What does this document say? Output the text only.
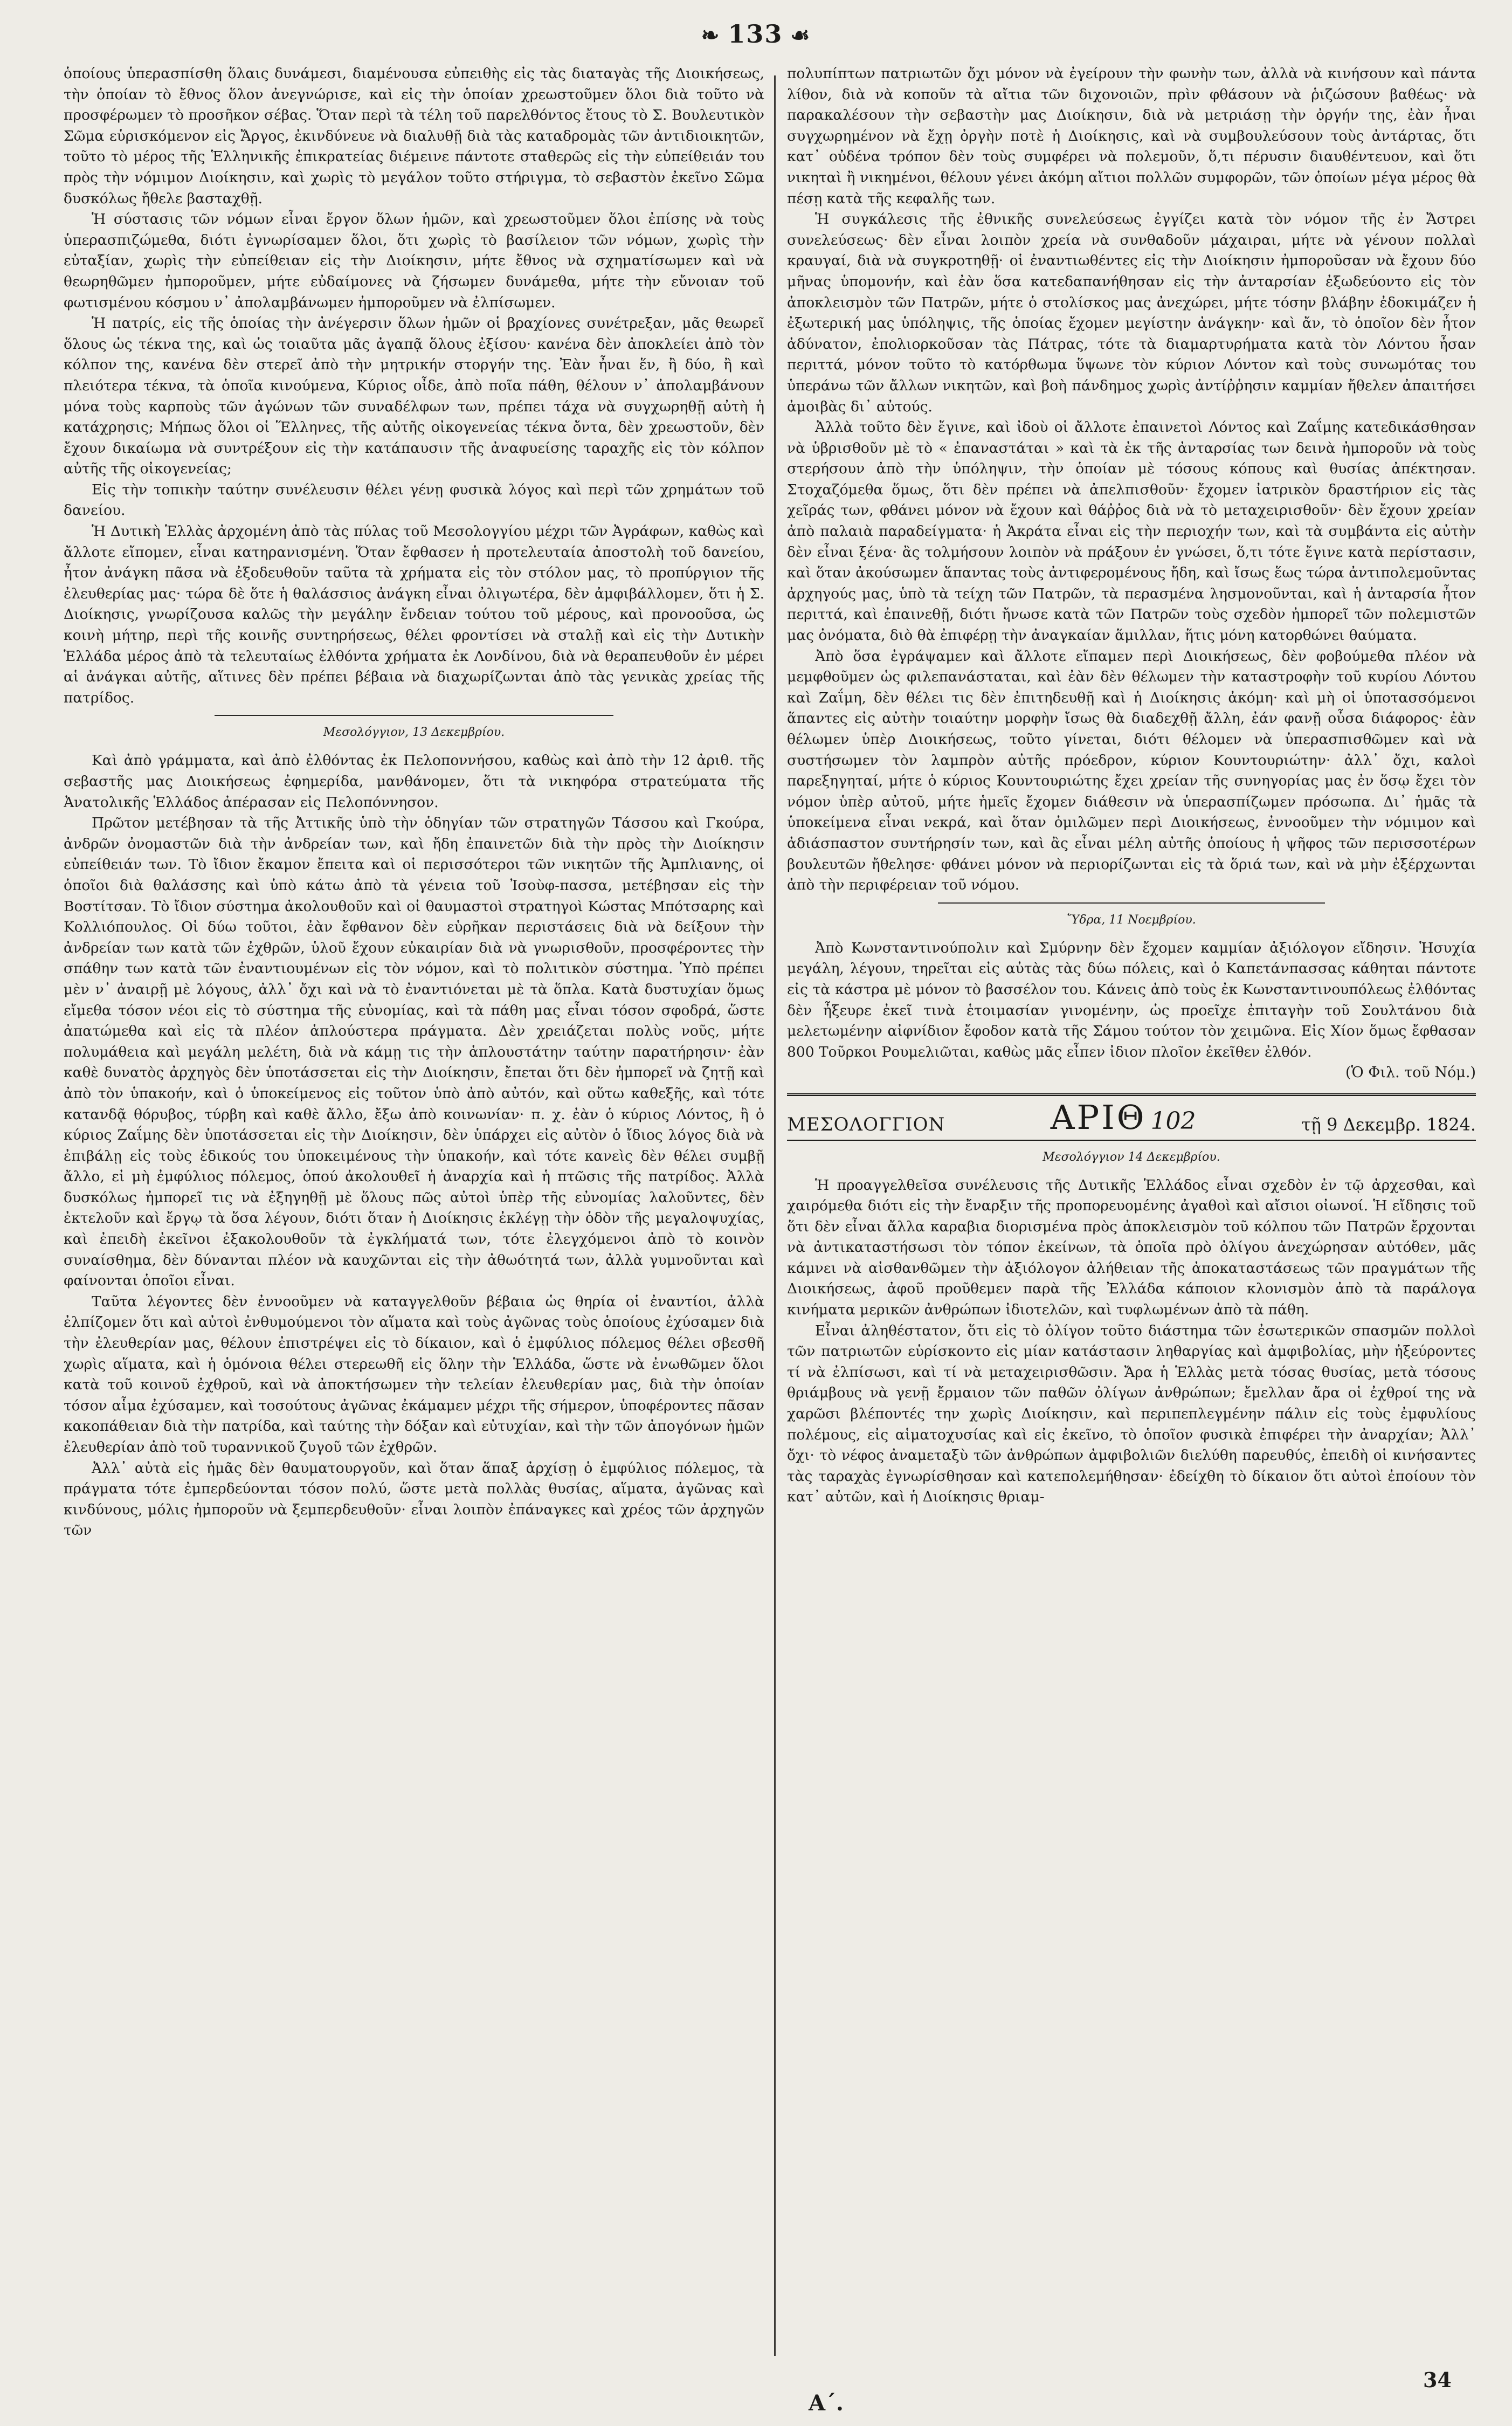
❧ 133 ☙

ὁποίους ὑπερασπίσθη ὅλαις δυνάμεσι, διαμένουσα εὐπειθὴς εἰς τὰς διαταγὰς τῆς Διοικήσεως, τὴν ὁποίαν τὸ ἔθνος ὅλον ἀνεγνώρισε, καὶ εἰς τὴν ὁποίαν χρεωστοῦμεν ὅλοι διὰ τοῦτο νὰ προσφέρωμεν τὸ προσῆκον σέβας. Ὅταν περὶ τὰ τέλη τοῦ παρελθόντος ἔτους τὸ Σ. Βουλευτικὸν Σῶμα εὑρισκόμενον εἰς Ἄργος, ἐκινδύνευε νὰ διαλυθῇ διὰ τὰς καταδρομὰς τῶν ἀντιδιοικητῶν, τοῦτο τὸ μέρος τῆς Ἑλληνικῆς ἐπικρατείας διέμεινε πάντοτε σταθερῶς εἰς τὴν εὐπείθειάν του πρὸς τὴν νόμιμον Διοίκησιν, καὶ χωρὶς τὸ μεγάλον τοῦτο στήριγμα, τὸ σεβαστὸν ἐκεῖνο Σῶμα δυσκόλως ἤθελε βασταχθῇ.

Ἡ σύστασις τῶν νόμων εἶναι ἔργον ὅλων ἡμῶν, καὶ χρεωστοῦμεν ὅλοι ἐπίσης νὰ τοὺς ὑπερασπιζώμεθα, διότι ἐγνωρίσαμεν ὅλοι, ὅτι χωρὶς τὸ βασίλειον τῶν νόμων, χωρὶς τὴν εὐταξίαν, χωρὶς τὴν εὐπείθειαν εἰς τὴν Διοίκησιν, μήτε ἔθνος νὰ σχηματίσωμεν καὶ νὰ θεωρηθῶμεν ἠμποροῦμεν, μήτε εὐδαίμονες νὰ ζήσωμεν δυνάμεθα, μήτε τὴν εὔνοιαν τοῦ φωτισμένου κόσμου ν᾽ ἀπολαμβάνωμεν ἠμποροῦμεν νὰ ἐλπίσωμεν.

Ἡ πατρίς, εἰς τῆς ὁποίας τὴν ἀνέγερσιν ὅλων ἡμῶν οἱ βραχίονες συνέτρεξαν, μᾶς θεωρεῖ ὅλους ὡς τέκνα της, καὶ ὡς τοιαῦτα μᾶς ἀγαπᾷ ὅλους ἐξίσου· κανένα δὲν ἀποκλείει ἀπὸ τὸν κόλπον της, κανένα δὲν στερεῖ ἀπὸ τὴν μητρικήν στοργήν της. Ἐὰν ἦναι ἕν, ἢ δύο, ἢ καὶ πλειότερα τέκνα, τὰ ὁποῖα κινούμενα, Κύριος οἶδε, ἀπὸ ποῖα πάθη, θέλουν ν᾽ ἀπολαμβάνουν μόνα τοὺς καρποὺς τῶν ἀγώνων τῶν συναδέλφων των, πρέπει τάχα νὰ συγχωρηθῇ αὐτὴ ἡ κατάχρησις; Μήπως ὅλοι οἱ Ἕλληνες, τῆς αὐτῆς οἰκογενείας τέκνα ὄντα, δὲν χρεωστοῦν, δὲν ἔχουν δικαίωμα νὰ συντρέξουν εἰς τὴν κατάπαυσιν τῆς ἀναφυείσης ταραχῆς εἰς τὸν κόλπον αὐτῆς τῆς οἰκογενείας;

Εἰς τὴν τοπικὴν ταύτην συνέλευσιν θέλει γένῃ φυσικὰ λόγος καὶ περὶ τῶν χρημάτων τοῦ δανείου.

Ἡ Δυτικὴ Ἑλλὰς ἀρχομένη ἀπὸ τὰς πύλας τοῦ Μεσολογγίου μέχρι τῶν Ἀγράφων, καθὼς καὶ ἄλλοτε εἴπομεν, εἶναι κατηρανισμένη. Ὅταν ἔφθασεν ἡ προτελευταία ἀποστολὴ τοῦ δανείου, ἦτον ἀνάγκη πᾶσα νὰ ἐξοδευθοῦν ταῦτα τὰ χρήματα εἰς τὸν στόλον μας, τὸ προπύργιον τῆς ἐλευθερίας μας· τώρα δὲ ὅτε ἡ θαλάσσιος ἀνάγκη εἶναι ὀλιγωτέρα, δὲν ἀμφιβάλλομεν, ὅτι ἡ Σ. Διοίκησις, γνωρίζουσα καλῶς τὴν μεγάλην ἔνδειαν τούτου τοῦ μέρους, καὶ προνοοῦσα, ὡς κοινὴ μήτηρ, περὶ τῆς κοινῆς συντηρήσεως, θέλει φροντίσει νὰ σταλῇ καὶ εἰς τὴν Δυτικὴν Ἑλλάδα μέρος ἀπὸ τὰ τελευταίως ἐλθόντα χρήματα ἐκ Λονδίνου, διὰ νὰ θεραπευθοῦν ἐν μέρει αἱ ἀνάγκαι αὐτῆς, αἵτινες δὲν πρέπει βέβαια νὰ διαχωρίζωνται ἀπὸ τὰς γενικὰς χρείας τῆς πατρίδος.

Μεσολόγγιον, 13 Δεκεμβρίου.

Καὶ ἀπὸ γράμματα, καὶ ἀπὸ ἐλθόντας ἐκ Πελοποννήσου, καθὼς καὶ ἀπὸ τὴν 12 ἀριθ. τῆς σεβαστῆς μας Διοικήσεως ἐφημερίδα, μανθάνομεν, ὅτι τὰ νικηφόρα στρατεύματα τῆς Ἀνατολικῆς Ἑλλάδος ἀπέρασαν εἰς Πελοπόννησον.

Πρῶτον μετέβησαν τὰ τῆς Ἀττικῆς ὑπὸ τὴν ὁδηγίαν τῶν στρατηγῶν Τάσσου καὶ Γκούρα, ἀνδρῶν ὀνομαστῶν διὰ τὴν ἀνδρείαν των, καὶ ἤδη ἐπαινετῶν διὰ τὴν πρὸς τὴν Διοίκησιν εὐπείθειάν των. Τὸ ἴδιον ἔκαμον ἔπειτα καὶ οἱ περισσότεροι τῶν νικητῶν τῆς Ἀμπλιανης, οἱ ὁποῖοι διὰ θαλάσσης καὶ ὑπὸ κάτω ἀπὸ τὰ γένεια τοῦ Ἰσοὺφ-πασσα, μετέβησαν εἰς τὴν Βοστίτσαν. Τὸ ἴδιον σύστημα ἀκολουθοῦν καὶ οἱ θαυμαστοὶ στρατηγοὶ Κώστας Μπότσαρης καὶ Κολλιόπουλος. Οἱ δύω τοῦτοι, ἐὰν ἔφθανον δὲν εὑρῆκαν περιστάσεις διὰ νὰ δείξουν τὴν ἀνδρείαν των κατὰ τῶν ἐχθρῶν, ὑλοῦ ἔχουν εὐκαιρίαν διὰ νὰ γνωρισθοῦν, προσφέροντες τὴν σπάθην των κατὰ τῶν ἐναντιουμένων εἰς τὸν νόμον, καὶ τὸ πολιτικὸν σύστημα. Ὑπὸ πρέπει μὲν ν᾽ ἀναιρῇ μὲ λόγους, ἀλλ᾽ ὄχι καὶ νὰ τὸ ἐναντιόνεται μὲ τὰ ὅπλα. Κατὰ δυστυχίαν ὅμως εἴμεθα τόσον νέοι εἰς τὸ σύστημα τῆς εὐνομίας, καὶ τὰ πάθη μας εἶναι τόσον σφοδρά, ὥστε ἀπατώμεθα καὶ εἰς τὰ πλέον ἁπλούστερα πράγματα. Δὲν χρειάζεται πολὺς νοῦς, μήτε πολυμάθεια καὶ μεγάλη μελέτη, διὰ νὰ κάμῃ τις τὴν ἁπλουστάτην ταύτην παρατήρησιν· ἐὰν καθὲ δυνατὸς ἀρχηγὸς δὲν ὑποτάσσεται εἰς τὴν Διοίκησιν, ἔπεται ὅτι δὲν ἠμπορεῖ νὰ ζητῇ καὶ ἀπὸ τὸν ὑπακοήν, καὶ ὁ ὑποκείμενος εἰς τοῦτον ὑπὸ ἀπὸ αὐτόν, καὶ οὕτω καθεξῆς, καὶ τότε κατανδᾷ θόρυβος, τύρβη καὶ καθὲ ἄλλο, ἔξω ἀπὸ κοινωνίαν· π. χ. ἐὰν ὁ κύριος Λόντος, ἢ ὁ κύριος Ζαΐμης δὲν ὑποτάσσεται εἰς τὴν Διοίκησιν, δὲν ὑπάρχει εἰς αὐτὸν ὁ ἴδιος λόγος διὰ νὰ ἐπιβάλῃ εἰς τοὺς ἐδικούς του ὑποκειμένους τὴν ὑπακοήν, καὶ τότε κανεὶς δὲν θέλει συμβῇ ἄλλο, εἰ μὴ ἐμφύλιος πόλεμος, ὁπού ἀκολουθεῖ ἡ ἀναρχία καὶ ἡ πτῶσις τῆς πατρίδος. Ἀλλὰ δυσκόλως ἠμπορεῖ τις νὰ ἐξηγηθῇ μὲ ὅλους πῶς αὐτοὶ ὑπὲρ τῆς εὐνομίας λαλοῦντες, δὲν ἐκτελοῦν καὶ ἔργῳ τὰ ὅσα λέγουν, διότι ὅταν ἡ Διοίκησις ἐκλέγῃ τὴν ὁδὸν τῆς μεγαλοψυχίας, καὶ ἐπειδὴ ἐκεῖνοι ἐξακολουθοῦν τὰ ἐγκλήματά των, τότε ἐλεγχόμενοι ἀπὸ τὸ κοινὸν συναίσθημα, δὲν δύνανται πλέον νὰ καυχῶνται εἰς τὴν ἀθωότητά των, ἀλλὰ γυμνοῦνται καὶ φαίνονται ὁποῖοι εἶναι.

Ταῦτα λέγοντες δὲν ἐννοοῦμεν νὰ καταγγελθοῦν βέβαια ὡς θηρία οἱ ἐναντίοι, ἀλλὰ ἐλπίζομεν ὅτι καὶ αὐτοὶ ἐνθυμούμενοι τὸν αἵματα καὶ τοὺς ἀγῶνας τοὺς ὁποίους ἐχύσαμεν διὰ τὴν ἐλευθερίαν μας, θέλουν ἐπιστρέψει εἰς τὸ δίκαιον, καὶ ὁ ἐμφύλιος πόλεμος θέλει σβεσθῆ χωρὶς αἵματα, καὶ ἡ ὁμόνοια θέλει στερεωθῆ εἰς ὅλην τὴν Ἑλλάδα, ὥστε νὰ ἐνωθῶμεν ὅλοι κατὰ τοῦ κοινοῦ ἐχθροῦ, καὶ νὰ ἀποκτήσωμεν τὴν τελείαν ἐλευθερίαν μας, διὰ τὴν ὁποίαν τόσον αἷμα ἐχύσαμεν, καὶ τοσούτους ἀγῶνας ἐκάμαμεν μέχρι τῆς σήμερον, ὑποφέροντες πᾶσαν κακοπάθειαν διὰ τὴν πατρίδα, καὶ ταύτης τὴν δόξαν καὶ εὐτυχίαν, καὶ τὴν τῶν ἀπογόνων ἡμῶν ἐλευθερίαν ἀπὸ τοῦ τυραννικοῦ ζυγοῦ τῶν ἐχθρῶν.

Ἀλλ᾽ αὐτὰ εἰς ἡμᾶς δὲν θαυματουργοῦν, καὶ ὅταν ἅπαξ ἀρχίσῃ ὁ ἐμφύλιος πόλεμος, τὰ πράγματα τότε ἐμπερδεύονται τόσον πολύ, ὥστε μετὰ πολλὰς θυσίας, αἵματα, ἀγῶνας καὶ κινδύνους, μόλις ἠμποροῦν νὰ ξεμπερδευθοῦν· εἶναι λοιπὸν ἐπάναγκες καὶ χρέος τῶν ἀρχηγῶν τῶν

πολυπίπτων πατριωτῶν ὄχι μόνον νὰ ἐγείρουν τὴν φωνὴν των, ἀλλὰ νὰ κινήσουν καὶ πάντα λίθον, διὰ νὰ κοποῦν τὰ αἴτια τῶν διχονοιῶν, πρὶν φθάσουν νὰ ῥιζώσουν βαθέως· νὰ παρακαλέσουν τὴν σεβαστὴν μας Διοίκησιν, διὰ νὰ μετριάσῃ τὴν ὀργήν της, ἐὰν ἦναι συγχωρημένον νὰ ἔχῃ ὀργὴν ποτὲ ἡ Διοίκησις, καὶ νὰ συμβουλεύσουν τοὺς ἀντάρτας, ὅτι κατ᾽ οὐδένα τρόπον δὲν τοὺς συμφέρει νὰ πολεμοῦν, ὅ,τι πέρυσιν διαυθέντευον, καὶ ὅτι νικηταὶ ἢ νικημένοι, θέλουν γένει ἀκόμη αἴτιοι πολλῶν συμφορῶν, τῶν ὁποίων μέγα μέρος θὰ πέσῃ κατὰ τῆς κεφαλῆς των.

Ἡ συγκάλεσις τῆς ἐθνικῆς συνελεύσεως ἐγγίζει κατὰ τὸν νόμον τῆς ἐν Ἄστρει συνελεύσεως· δὲν εἶναι λοιπὸν χρεία νὰ συνθαδοῦν μάχαιραι, μήτε νὰ γένουν πολλαὶ κραυγαί, διὰ νὰ συγκροτηθῇ· οἱ ἐναντιωθέντες εἰς τὴν Διοίκησιν ἠμποροῦσαν νὰ ἔχουν δύο μῆνας ὑπομονήν, καὶ ἐὰν ὅσα κατεδαπανήθησαν εἰς τὴν ἀνταρσίαν ἐξωδεύοντο εἰς τὸν ἀποκλεισμὸν τῶν Πατρῶν, μήτε ὁ στολίσκος μας ἀνεχώρει, μήτε τόσην βλάβην ἐδοκιμάζεν ἡ ἐξωτερική μας ὑπόληψις, τῆς ὁποίας ἔχομεν μεγίστην ἀνάγκην· καὶ ἄν, τὸ ὁποῖον δὲν ἦτον ἀδύνατον, ἐπολιορκοῦσαν τὰς Πάτρας, τότε τὰ διαμαρτυρήματα κατὰ τὸν Λόντου ἦσαν περιττά, μόνον τοῦτο τὸ κατόρθωμα ὕψωνε τὸν κύριον Λόντον καὶ τοὺς συνωμότας του ὑπεράνω τῶν ἄλλων νικητῶν, καὶ βοὴ πάνδημος χωρὶς ἀντίῤῥησιν καμμίαν ἤθελεν ἀπαιτήσει ἀμοιβὰς δι᾽ αὐτούς.

Ἀλλὰ τοῦτο δὲν ἔγινε, καὶ ἰδοὺ οἱ ἄλλοτε ἐπαινετοὶ Λόντος καὶ Ζαΐμης κατεδικάσθησαν νὰ ὑβρισθοῦν μὲ τὸ « ἐπαναστάται » καὶ τὰ ἐκ τῆς ἀνταρσίας των δεινὰ ἠμποροῦν νὰ τοὺς στερήσουν ἀπὸ τὴν ὑπόληψιν, τὴν ὁποίαν μὲ τόσους κόπους καὶ θυσίας ἀπέκτησαν. Στοχαζόμεθα ὅμως, ὅτι δὲν πρέπει νὰ ἀπελπισθοῦν· ἔχομεν ἰατρικὸν δραστήριον εἰς τὰς χεῖράς των, φθάνει μόνον νὰ ἔχουν καὶ θάῤῥος διὰ νὰ τὸ μεταχειρισθοῦν· δὲν ἔχουν χρείαν ἀπὸ παλαιὰ παραδείγματα· ἡ Ἀκράτα εἶναι εἰς τὴν περιοχήν των, καὶ τὰ συμβάντα εἰς αὐτὴν δὲν εἶναι ξένα· ἂς τολμήσουν λοιπὸν νὰ πράξουν ἐν γνώσει, ὅ,τι τότε ἔγινε κατὰ περίστασιν, καὶ ὅταν ἀκούσωμεν ἅπαντας τοὺς ἀντιφερομένους ἤδη, καὶ ἴσως ἕως τώρα ἀντιπολεμοῦντας ἀρχηγούς μας, ὑπὸ τὰ τείχη τῶν Πατρῶν, τὰ περασμένα λησμονοῦνται, καὶ ἡ ἀνταρσία ἦτον περιττά, καὶ ἐπαινεθῇ, διότι ἤνωσε κατὰ τῶν Πατρῶν τοὺς σχεδὸν ἠμπορεῖ τῶν πολεμιστῶν μας ὀνόματα, διὸ θὰ ἐπιφέρῃ τὴν ἀναγκαίαν ἅμιλλαν, ἥτις μόνη κατορθώνει θαύματα.

Ἀπὸ ὅσα ἐγράψαμεν καὶ ἄλλοτε εἴπαμεν περὶ Διοικήσεως, δὲν φοβούμεθα πλέον νὰ μεμφθοῦμεν ὡς φιλεπανάσταται, καὶ ἐὰν δὲν θέλωμεν τὴν καταστροφὴν τοῦ κυρίου Λόντου καὶ Ζαΐμη, δὲν θέλει τις δὲν ἐπιτηδευθῇ καὶ ἡ Διοίκησις ἀκόμη· καὶ μὴ οἱ ὑποτασσόμενοι ἅπαντες εἰς αὐτὴν τοιαύτην μορφὴν ἴσως θὰ διαδεχθῇ ἄλλη, ἐάν φανῇ οὖσα διάφορος· ἐὰν θέλωμεν ὑπὲρ Διοικήσεως, τοῦτο γίνεται, διότι θέλομεν νὰ ὑπερασπισθῶμεν καὶ νὰ συστήσωμεν τὸν λαμπρὸν αὐτῆς πρόεδρον, κύριον Κουντουριώτην· ἀλλ᾽ ὄχι, καλοὶ παρεξηγηταί, μήτε ὁ κύριος Κουντουριώτης ἔχει χρείαν τῆς συνηγορίας μας ἐν ὅσῳ ἔχει τὸν νόμον ὑπὲρ αὐτοῦ, μήτε ἡμεῖς ἔχομεν διάθεσιν νὰ ὑπερασπίζωμεν πρόσωπα. Δι᾽ ἡμᾶς τὰ ὑποκείμενα εἶναι νεκρά, καὶ ὅταν ὁμιλῶμεν περὶ Διοικήσεως, ἐννοοῦμεν τὴν νόμιμον καὶ ἀδιάσπαστον συντήρησίν των, καὶ ἂς εἶναι μέλη αὐτῆς ὁποίους ἡ ψῆφος τῶν περισσοτέρων βουλευτῶν ἤθελησε· φθάνει μόνον νὰ περιορίζωνται εἰς τὰ ὅριά των, καὶ νὰ μὴν ἐξέρχωνται ἀπὸ τὴν περιφέρειαν τοῦ νόμου.

Ὕδρα, 11 Νοεμβρίου.

Ἀπὸ Κωνσταντινούπολιν καὶ Σμύρνην δὲν ἔχομεν καμμίαν ἀξιόλογον εἴδησιν. Ἡσυχία μεγάλη, λέγουν, τηρεῖται εἰς αὐτὰς τὰς δύω πόλεις, καὶ ὁ Καπετάνπασσας κάθηται πάντοτε εἰς τὰ κάστρα μὲ μόνον τὸ βασσέλον του. Κάνεις ἀπὸ τοὺς ἐκ Κωνσταντινουπόλεως ἐλθόντας δὲν ἦξευρε ἐκεῖ τινὰ ἑτοιμασίαν γινομένην, ὡς προεῖχε ἐπιταγὴν τοῦ Σουλτάνου διὰ μελετωμένην αἰφνίδιον ἔφοδον κατὰ τῆς Σάμου τούτον τὸν χειμῶνα. Εἰς Χίον ὅμως ἔφθασαν 800 Τοῦρκοι Ρουμελιῶται, καθὼς μᾶς εἶπεν ἰδιον πλοῖον ἐκεῖθεν ἐλθόν.

(Ὁ Φιλ. τοῦ Νόμ.)
ΜΕΣΟΛΟΓΓΙΟΝ	ΑΡΙΘ 102	τῇ 9 Δεκεμβρ. 1824.
Μεσολόγγιον 14 Δεκεμβρίου.

Ἡ προαγγελθεῖσα συνέλευσις τῆς Δυτικῆς Ἑλλάδος εἶναι σχεδὸν ἐν τῷ ἀρχεσθαι, καὶ χαιρόμεθα διότι εἰς τὴν ἔναρξιν τῆς προπορευομένης ἀγαθοὶ καὶ αἴσιοι οἰωνοί. Ἡ εἴδησις τοῦ ὅτι δὲν εἶναι ἄλλα καραβια διορισμένα πρὸς ἀποκλεισμὸν τοῦ κόλπου τῶν Πατρῶν ἔρχονται νὰ ἀντικαταστήσωσι τὸν τόπον ἐκείνων, τὰ ὁποῖα πρὸ ὀλίγου ἀνεχώρησαν αὐτόθεν, μᾶς κάμνει νὰ αἰσθανθῶμεν τὴν ἀξιόλογον ἀλήθειαν τῆς ἀποκαταστάσεως τῶν πραγμάτων τῆς Διοικήσεως, ἀφοῦ προῦθεμεν παρὰ τῆς Ἐλλάδα κάποιον κλονισμὸν ἀπὸ τὰ παράλογα κινήματα μερικῶν ἀνθρώπων ἰδιοτελῶν, καὶ τυφλωμένων ἀπὸ τὰ πάθη.

Εἶναι ἀληθέστατον, ὅτι εἰς τὸ ὀλίγον τοῦτο διάστημα τῶν ἐσωτερικῶν σπασμῶν πολλοὶ τῶν πατριωτῶν εὑρίσκοντο εἰς μίαν κατάστασιν ληθαργίας καὶ ἀμφιβολίας, μὴν ἠξεύροντες τί νὰ ἐλπίσωσι, καὶ τί νὰ μεταχειρισθῶσιν. Ἄρα ἡ Ἑλλὰς μετὰ τόσας θυσίας, μετὰ τόσους θριάμβους νὰ γενῇ ἔρμαιον τῶν παθῶν ὀλίγων ἀνθρώπων; ἔμελλαν ἄρα οἱ ἐχθροί της νὰ χαρῶσι βλέποντές την χωρὶς Διοίκησιν, καὶ περιπεπλεγμένην πάλιν εἰς τοὺς ἐμφυλίους πολέμους, εἰς αἱματοχυσίας καὶ εἰς ἐκεῖνο, τὸ ὁποῖον φυσικὰ ἐπιφέρει τὴν ἀναρχίαν; Ἀλλ᾽ ὄχι· τὸ νέφος ἀναμεταξὺ τῶν ἀνθρώπων ἀμφιβολιῶν διελύθη παρευθύς, ἐπειδὴ οἱ κινήσαντες τὰς ταραχὰς ἐγνωρίσθησαν καὶ κατεπολεμήθησαν· ἐδείχθη τὸ δίκαιον ὅτι αὐτοὶ ἐποίουν τὸν κατ᾽ αὐτῶν, καὶ ἡ Διοίκησις θριαμ-

Α΄.
34
